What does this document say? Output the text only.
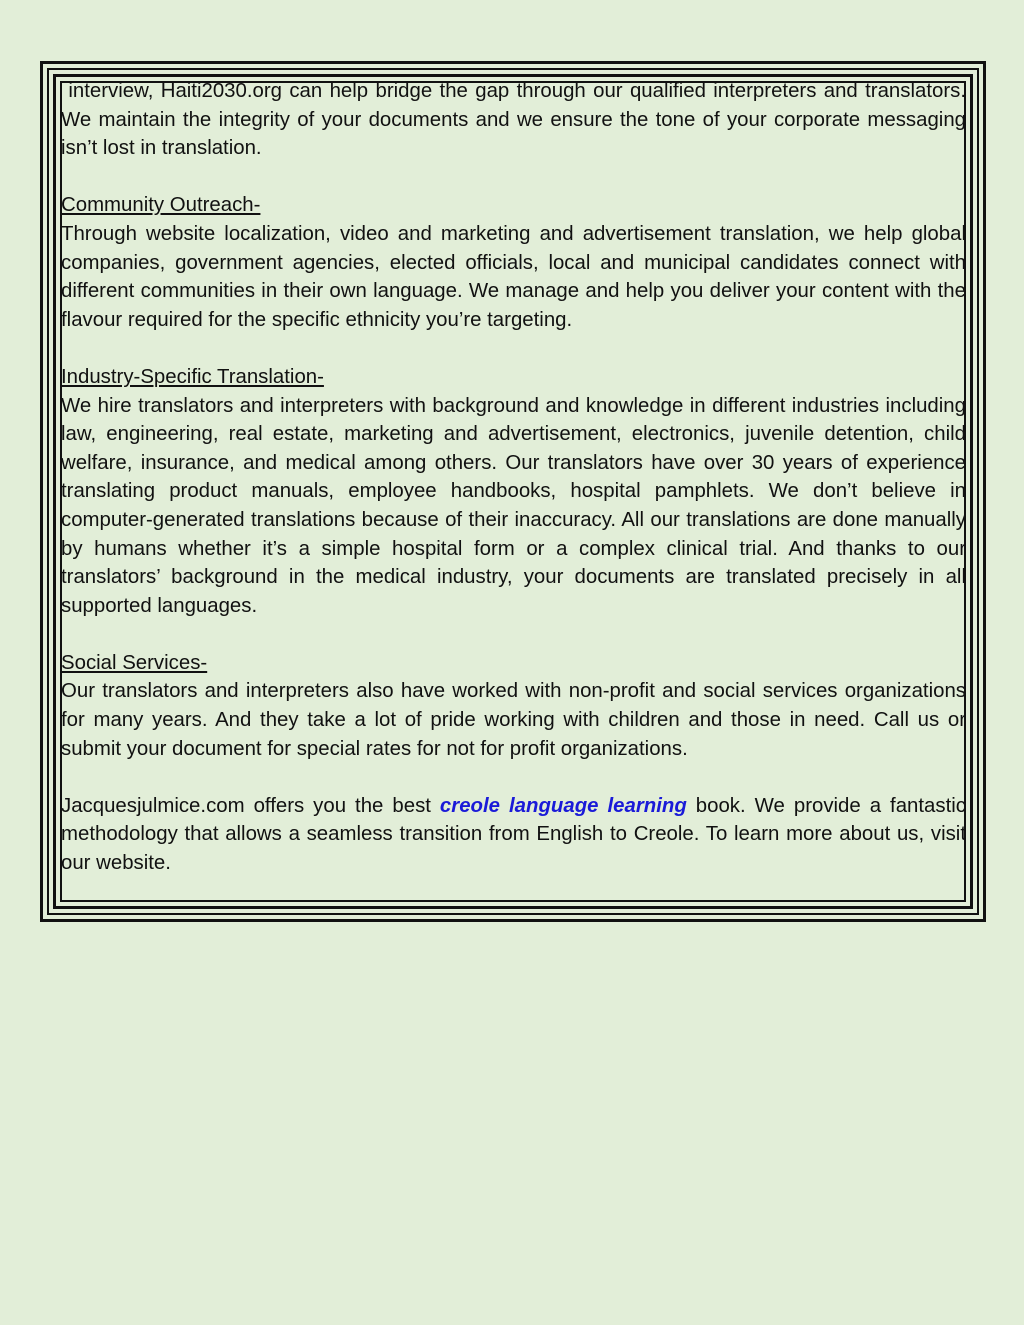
interview, Haiti2030.org can help bridge the gap through our qualified interpreters and translators. We maintain the integrity of your documents and we ensure the tone of your corporate messaging isn’t lost in translation.

Community Outreach-

Through website localization, video and marketing and advertisement translation, we help global companies, government agencies, elected officials, local and municipal candidates connect with different communities in their own language. We manage and help you deliver your content with the flavour required for the specific ethnicity you’re targeting.

Industry-Specific Translation-

We hire translators and interpreters with background and knowledge in different industries including law, engineering, real estate, marketing and advertisement, electronics, juvenile detention, child welfare, insurance, and medical among others. Our translators have over 30 years of experience translating product manuals, employee handbooks, hospital pamphlets. We don’t believe in computer-generated translations because of their inaccuracy. All our translations are done manually by humans whether it’s a simple hospital form or a complex clinical trial. And thanks to our translators’ background in the medical industry, your documents are translated precisely in all supported languages.

Social Services-

Our translators and interpreters also have worked with non-profit and social services organizations for many years. And they take a lot of pride working with children and those in need. Call us or submit your document for special rates for not for profit organizations.

Jacquesjulmice.com offers you the best creole language learning book. We provide a fantastic methodology that allows a seamless transition from English to Creole. To learn more about us, visit our website.
